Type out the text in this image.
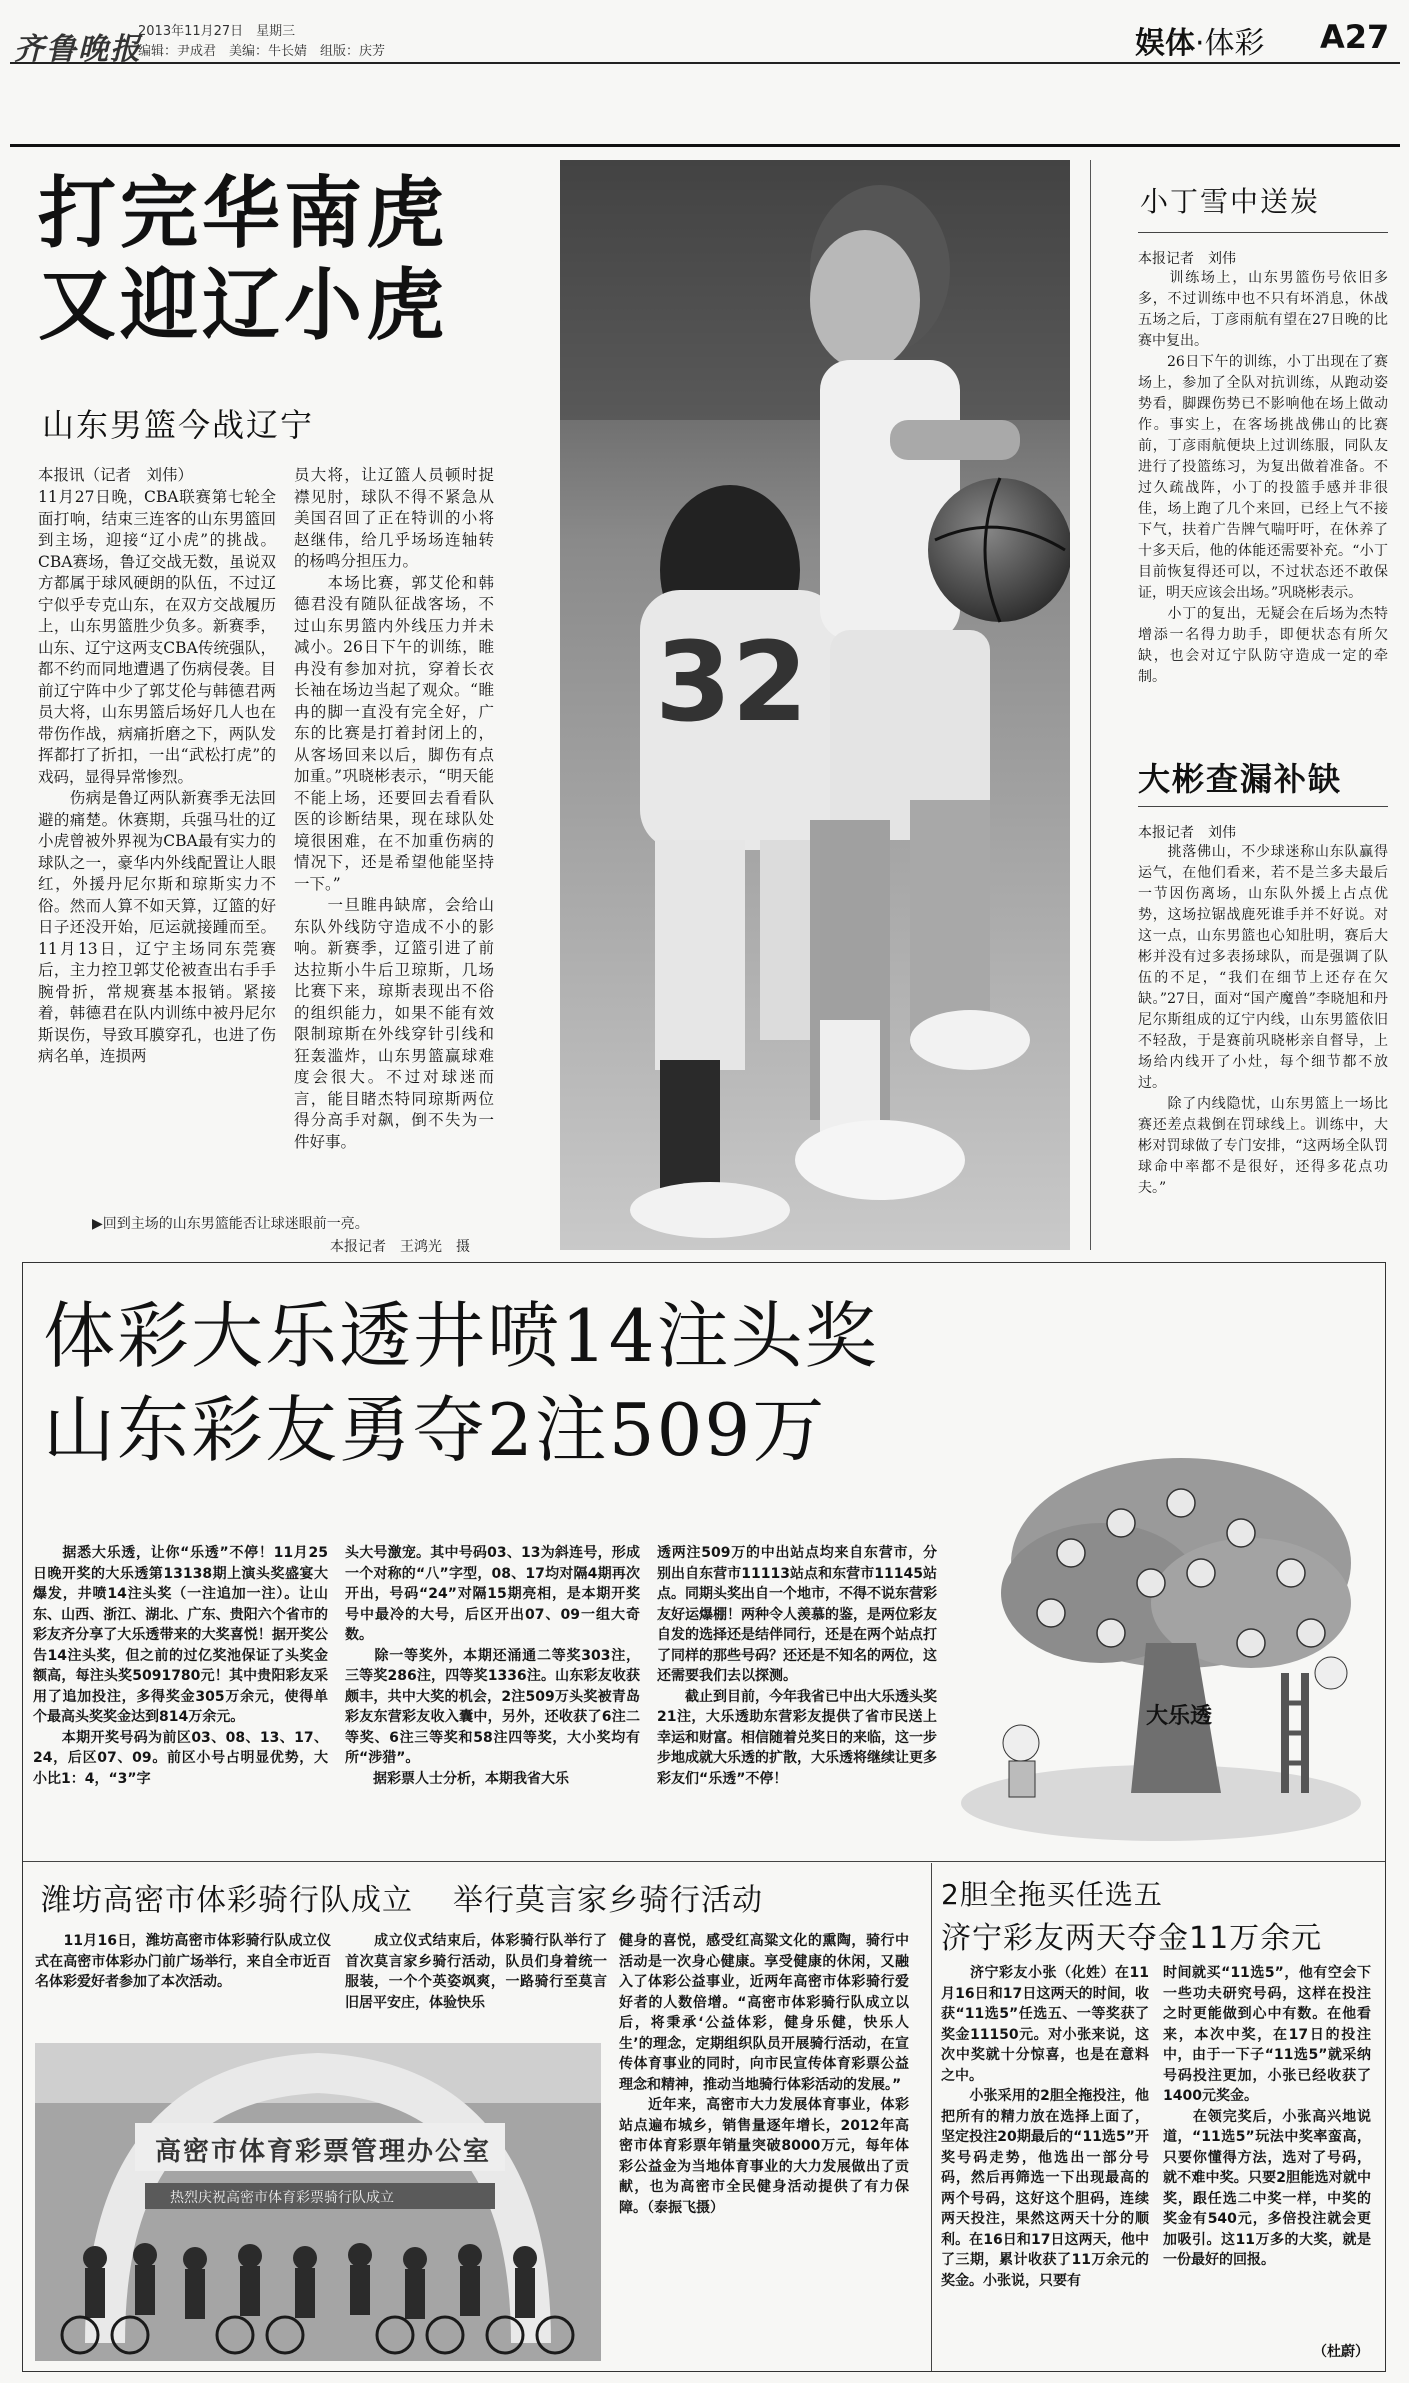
齐鲁晚报
2013年11月27日　星期三
编辑：尹成君　美编：牛长婧　组版：庆芳	娱体·体彩 A27
打完华南虎
又迎辽小虎
山东男篮今战辽宁
32
本报讯（记者　刘伟）
11月27日晚，CBA联赛第七轮全面打响，结束三连客的山东男篮回到主场，迎接“辽小虎”的挑战。CBA赛场，鲁辽交战无数，虽说双方都属于球风硬朗的队伍，不过辽宁似乎专克山东，在双方交战履历上，山东男篮胜少负多。新赛季，山东、辽宁这两支CBA传统强队，都不约而同地遭遇了伤病侵袭。目前辽宁阵中少了郭艾伦与韩德君两员大将，山东男篮后场好几人也在带伤作战，病痛折磨之下，两队发挥都打了折扣，一出“武松打虎”的戏码，显得异常惨烈。
　　伤病是鲁辽两队新赛季无法回避的痛楚。休赛期，兵强马壮的辽小虎曾被外界视为CBA最有实力的球队之一，豪华内外线配置让人眼红，外援丹尼尔斯和琼斯实力不俗。然而人算不如天算，辽篮的好日子还没开始，厄运就接踵而至。11月13日，辽宁主场同东莞赛后，主力控卫郭艾伦被查出右手手腕骨折，常规赛基本报销。紧接着，韩德君在队内训练中被丹尼尔斯误伤，导致耳膜穿孔，也进了伤病名单，连损两
员大将，让辽篮人员顿时捉襟见肘，球队不得不紧急从美国召回了正在特训的小将赵继伟，给几乎场场连轴转的杨鸣分担压力。
　　本场比赛，郭艾伦和韩德君没有随队征战客场，不过山东男篮内外线压力并未减小。26日下午的训练，睢冉没有参加对抗，穿着长衣长袖在场边当起了观众。“睢冉的脚一直没有完全好，广东的比赛是打着封闭上的，从客场回来以后，脚伤有点加重。”巩晓彬表示，“明天能不能上场，还要回去看看队医的诊断结果，现在球队处境很困难，在不加重伤病的情况下，还是希望他能坚持一下。”
　　一旦睢冉缺席，会给山东队外线防守造成不小的影响。新赛季，辽篮引进了前达拉斯小牛后卫琼斯，几场比赛下来，琼斯表现出不俗的组织能力，如果不能有效限制琼斯在外线穿针引线和狂轰滥炸，山东男篮赢球难度会很大。不过对球迷而言，能目睹杰特同琼斯两位得分高手对飙，倒不失为一件好事。
▶回到主场的山东男篮能否让球迷眼前一亮。
本报记者　王鸿光　摄
小丁雪中送炭
本报记者　刘伟
　　训练场上，山东男篮伤号依旧多多，不过训练中也不只有坏消息，休战五场之后，丁彦雨航有望在27日晚的比赛中复出。
　　26日下午的训练，小丁出现在了赛场上，参加了全队对抗训练，从跑动姿势看，脚踝伤势已不影响他在场上做动作。事实上，在客场挑战佛山的比赛前，丁彦雨航便块上过训练服，同队友进行了投篮练习，为复出做着准备。不过久疏战阵，小丁的投篮手感并非很佳，场上跑了几个来回，已经上气不接下气，扶着广告牌气喘吁吁，在休养了十多天后，他的体能还需要补充。“小丁目前恢复得还可以，不过状态还不敢保证，明天应该会出场。”巩晓彬表示。
　　小丁的复出，无疑会在后场为杰特增添一名得力助手，即便状态有所欠缺，也会对辽宁队防守造成一定的牵制。
大彬查漏补缺
本报记者　刘伟
　　挑落佛山，不少球迷称山东队赢得运气，在他们看来，若不是兰多夫最后一节因伤离场，山东队外援上占点优势，这场拉锯战鹿死谁手并不好说。对这一点，山东男篮也心知肚明，赛后大彬并没有过多表扬球队，而是强调了队伍的不足，“我们在细节上还存在欠缺。”27日，面对“国产魔兽”李晓旭和丹尼尔斯组成的辽宁内线，山东男篮依旧不轻敌，于是赛前巩晓彬亲自督导，上场给内线开了小灶，每个细节都不放过。
　　除了内线隐忧，山东男篮上一场比赛还差点栽倒在罚球线上。训练中，大彬对罚球做了专门安排，“这两场全队罚球命中率都不是很好，还得多花点功夫。”
体彩大乐透井喷14注头奖
山东彩友勇夺2注509万
　　据悉大乐透，让你“乐透”不停！11月25日晚开奖的大乐透第13138期上演头奖盛宴大爆发，井喷14注头奖（一注追加一注）。让山东、山西、浙江、湖北、广东、贵阳六个省市的彩友齐分享了大乐透带来的大奖喜悦！据开奖公告14注头奖，但之前的过亿奖池保证了头奖金额高，每注头奖5091780元！其中贵阳彩友采用了追加投注，多得奖金305万余元，使得单个最高头奖奖金达到814万余元。
　　本期开奖号码为前区03、08、13、17、24，后区07、09。前区小号占明显优势，大小比1：4，“3”字
头大号激宠。其中号码03、13为斜连号，形成一个对称的“八”字型，08、17均对隔4期再次开出，号码“24”对隔15期亮相，是本期开奖号中最冷的大号，后区开出07、09一组大奇数。
　　除一等奖外，本期还涌通二等奖303注，三等奖286注，四等奖1336注。山东彩友收获颇丰，共中大奖的机会，2注509万头奖被青岛彩友东营彩友收入囊中，另外，还收获了6注二等奖、6注三等奖和58注四等奖，大小奖均有所“涉猎”。
　　据彩票人士分析，本期我省大乐
透两注509万的中出站点均来自东营市，分别出自东营市11113站点和东营市11145站点。同期头奖出自一个地市，不得不说东营彩友好运爆棚！两种令人羡慕的鉴，是两位彩友自发的选择还是结伴同行，还是在两个站点打了同样的那些号码？还还是不知名的两位，这还需要我们去以探测。
　　截止到目前，今年我省已中出大乐透头奖21注，大乐透助东营彩友提供了省市民送上幸运和财富。相信随着兑奖日的来临，这一步步地成就大乐透的扩散，大乐透将继续让更多彩友们“乐透”不停！
大乐透
潍坊高密市体彩骑行队成立 举行莫言家乡骑行活动
　　11月16日，潍坊高密市体彩骑行队成立仪式在高密市体彩办门前广场举行，来自全市近百名体彩爱好者参加了本次活动。
　　成立仪式结束后，体彩骑行队举行了首次莫言家乡骑行活动，队员们身着统一服装，一个个英姿飒爽，一路骑行至莫言旧居平安庄，体验快乐
健身的喜悦，感受红高粱文化的熏陶，骑行中活动是一次身心健康。享受健康的休闲，又融入了体彩公益事业，近两年高密市体彩骑行爱好者的人数倍增。“高密市体彩骑行队成立以后，将秉承‘公益体彩，健身乐健，快乐人生’的理念，定期组织队员开展骑行活动，在宣传体育事业的同时，向市民宣传体育彩票公益理念和精神，推动当地骑行体彩活动的发展。”
　　近年来，高密市大力发展体育事业，体彩站点遍布城乡，销售量逐年增长，2012年高密市体育彩票年销量突破8000万元，每年体彩公益金为当地体育事业的大力发展做出了贡献，也为高密市全民健身活动提供了有力保障。（泰振飞摄）
高密市体育彩票管理办公室
热烈庆祝高密市体育彩票骑行队成立
2胆全拖买任选五
济宁彩友两天夺金11万余元
　　济宁彩友小张（化姓）在11月16日和17日这两天的时间，收获“11选5”任选五、一等奖获了奖金11150元。对小张来说，这次中奖就十分惊喜，也是在意料之中。
　　小张采用的2胆全拖投注，他把所有的精力放在选择上面了，坚定投注20期最后的“11选5”开奖号码走势，他选出一部分号码，然后再筛选一下出现最高的两个号码，这好这个胆码，连续两天投注，果然这两天十分的顺利。在16日和17日这两天，他中了三期，累计收获了11万余元的奖金。小张说，只要有
时间就买“11选5”，他有空会下一些功夫研究号码，这样在投注之时更能做到心中有数。在他看来，本次中奖，在17日的投注中，由于一下子“11选5”就采纳号码投注更加，小张已经收获了1400元奖金。
　　在领完奖后，小张高兴地说道，“11选5”玩法中奖率蛮高，只要你懂得方法，选对了号码，就不难中奖。只要2胆能选对就中奖，跟任选二中奖一样，中奖的奖金有540元，多倍投注就会更加吸引。这11万多的大奖，就是一份最好的回报。
（杜蔚）
